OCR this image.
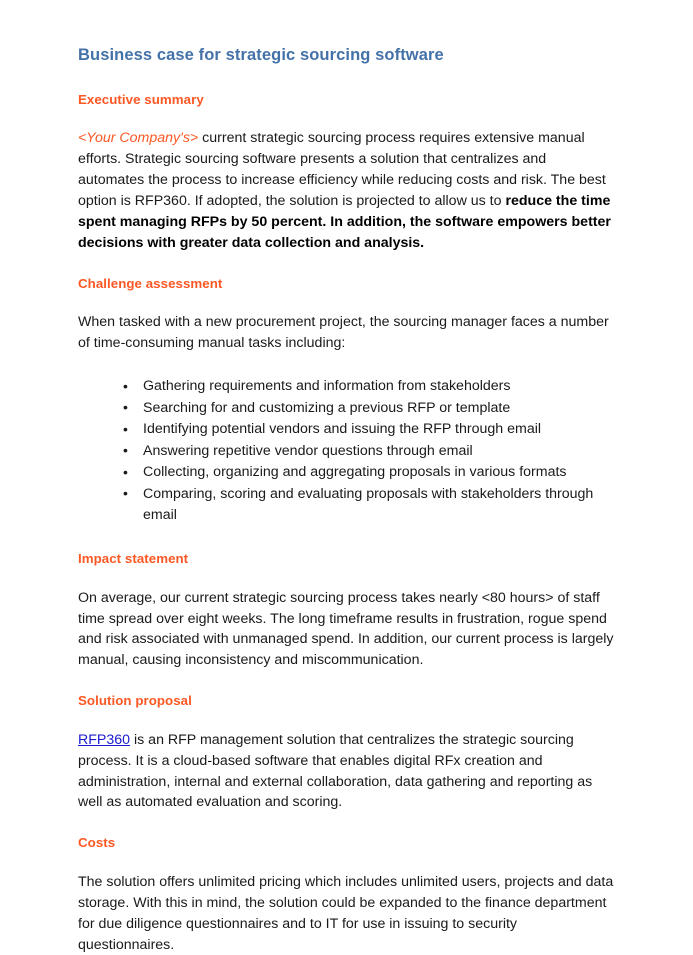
Business case for strategic sourcing software
Executive summary

<Your Company's> current strategic sourcing process requires extensive manual efforts. Strategic sourcing software presents a solution that centralizes and automates the process to increase efficiency while reducing costs and risk. The best option is RFP360. If adopted, the solution is projected to allow us to reduce the time spent managing RFPs by 50 percent. In addition, the software empowers better decisions with greater data collection and analysis.

Challenge assessment

When tasked with a new procurement project, the sourcing manager faces a number of time-consuming manual tasks including:

• Gathering requirements and information from stakeholders
• Searching for and customizing a previous RFP or template
• Identifying potential vendors and issuing the RFP through email
• Answering repetitive vendor questions through email
• Collecting, organizing and aggregating proposals in various formats
• Comparing, scoring and evaluating proposals with stakeholders through email
Impact statement

On average, our current strategic sourcing process takes nearly <80 hours> of staff time spread over eight weeks. The long timeframe results in frustration, rogue spend and risk associated with unmanaged spend. In addition, our current process is largely manual, causing inconsistency and miscommunication.

Solution proposal

RFP360 is an RFP management solution that centralizes the strategic sourcing process. It is a cloud-based software that enables digital RFx creation and administration, internal and external collaboration, data gathering and reporting as well as automated evaluation and scoring.

Costs

The solution offers unlimited pricing which includes unlimited users, projects and data storage. With this in mind, the solution could be expanded to the finance department for due diligence questionnaires and to IT for use in issuing to security questionnaires.
